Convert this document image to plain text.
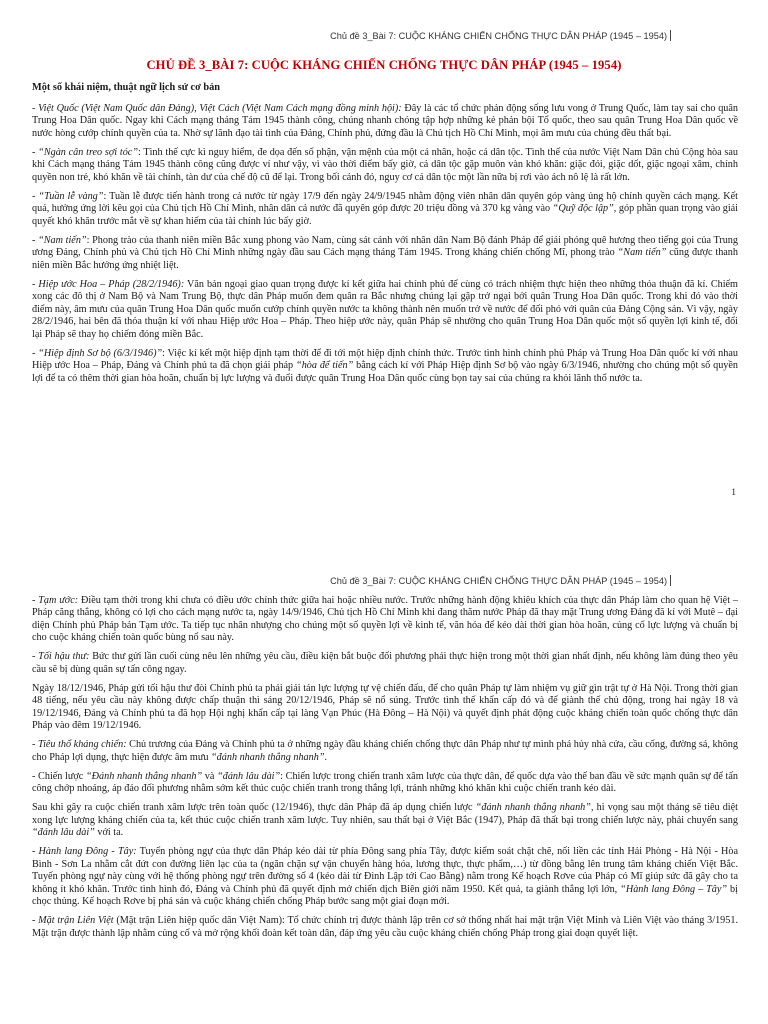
Chủ đề 3_Bài 7: CUỘC KHÁNG CHIẾN CHỐNG THỰC DÂN PHÁP (1945 – 1954)
CHỦ ĐỀ 3_BÀI 7: CUỘC KHÁNG CHIẾN CHỐNG THỰC DÂN PHÁP (1945 – 1954)
Một số khái niệm, thuật ngữ lịch sử cơ bản

- Việt Quốc (Việt Nam Quốc dân Đảng), Việt Cách (Việt Nam Cách mạng đồng minh hội): Đây là các tổ chức phản động sống lưu vong ở Trung Quốc, làm tay sai cho quân Trung Hoa Dân quốc. Ngay khi Cách mạng tháng Tám 1945 thành công, chúng nhanh chóng tập hợp những kẻ phản bội Tổ quốc, theo sau quân Trung Hoa Dân quốc về nước hòng cướp chính quyền của ta. Nhờ sự lãnh đạo tài tình của Đảng, Chính phủ, đứng đầu là Chủ tịch Hồ Chí Minh, mọi âm mưu của chúng đều thất bại.

- “Ngàn cân treo sợi tóc”: Tình thế cực kì nguy hiểm, đe dọa đến số phận, vận mệnh của một cá nhân, hoặc cả dân tộc. Tình thế của nước Việt Nam Dân chủ Cộng hòa sau khi Cách mạng tháng Tám 1945 thành công cũng được ví như vậy, vì vào thời điểm bấy giờ, cả dân tộc gặp muôn vàn khó khăn: giặc đói, giặc dốt, giặc ngoại xâm, chính quyền non trẻ, khó khăn về tài chính, tàn dư của chế độ cũ để lại. Trong bối cảnh đó, nguy cơ cả dân tộc một lần nữa bị rơi vào ách nô lệ là rất lớn.

- “Tuần lễ vàng”: Tuần lễ được tiến hành trong cả nước từ ngày 17/9 đến ngày 24/9/1945 nhằm động viên nhân dân quyên góp vàng ủng hộ chính quyền cách mạng. Kết quả, hưởng ứng lời kêu gọi của Chủ tịch Hồ Chí Minh, nhân dân cả nước đã quyên góp được 20 triệu đồng và 370 kg vàng vào “Quỹ độc lập”, góp phần quan trọng vào giải quyết khó khăn trước mắt về sự khan hiếm của tài chính lúc bấy giờ.

- “Nam tiến”: Phong trào của thanh niên miền Bắc xung phong vào Nam, cùng sát cánh với nhân dân Nam Bộ đánh Pháp để giải phóng quê hương theo tiếng gọi của Trung ương Đảng, Chính phủ và Chủ tịch Hồ Chí Minh những ngày đầu sau Cách mạng tháng Tám 1945. Trong kháng chiến chống Mĩ, phong trào “Nam tiến” cũng được thanh niên miền Bắc hưởng ứng nhiệt liệt.

- Hiệp ước Hoa – Pháp (28/2/1946): Văn bản ngoại giao quan trọng được kí kết giữa hai chính phủ để cùng có trách nhiệm thực hiện theo những thỏa thuận đã kí. Chiếm xong các đô thị ở Nam Bộ và Nam Trung Bộ, thực dân Pháp muốn đem quân ra Bắc nhưng chúng lại gặp trở ngại bởi quân Trung Hoa Dân quốc. Trong khi đó vào thời điểm này, âm mưu của quân Trung Hoa Dân quốc muốn cướp chính quyền nước ta không thành nên muốn trở về nước để đối phó với quân của Đảng Cộng sản. Vì vậy, ngày 28/2/1946, hai bên đã thỏa thuận kí với nhau Hiệp ước Hoa – Pháp. Theo hiệp ước này, quân Pháp sẽ nhường cho quân Trung Hoa Dân quốc một số quyền lợi kinh tế, đổi lại Pháp sẽ thay họ chiếm đóng miền Bắc.

- “Hiệp định Sơ bộ (6/3/1946)”: Việc kí kết một hiệp định tạm thời để đi tới một hiệp định chính thức. Trước tình hình chính phủ Pháp và Trung Hoa Dân quốc kí với nhau Hiệp ước Hoa – Pháp, Đảng và Chính phủ ta đã chọn giải pháp “hòa để tiến” bằng cách kí với Pháp Hiệp định Sơ bộ vào ngày 6/3/1946, nhường cho chúng một số quyền lợi để ta có thêm thời gian hòa hoãn, chuẩn bị lực lượng và đuổi được quân Trung Hoa Dân quốc cùng bọn tay sai của chúng ra khỏi lãnh thổ nước ta.

1
Chủ đề 3_Bài 7: CUỘC KHÁNG CHIẾN CHỐNG THỰC DÂN PHÁP (1945 – 1954)

- Tạm ước: Điều tạm thời trong khi chưa có điều ước chính thức giữa hai hoặc nhiều nước. Trước những hành động khiêu khích của thực dân Pháp làm cho quan hệ Việt – Pháp căng thẳng, không có lợi cho cách mạng nước ta, ngày 14/9/1946, Chủ tịch Hồ Chí Minh khi đang thăm nước Pháp đã thay mặt Trung ương Đảng đã kí với Mutê – đại diện Chính phủ Pháp bản Tạm ước. Ta tiếp tục nhân nhượng cho chúng một số quyền lợi về kinh tế, văn hóa để kéo dài thời gian hòa hoãn, củng cố lực lượng và chuẩn bị cho cuộc kháng chiến toàn quốc bùng nổ sau này.

- Tối hậu thư: Bức thư gửi lần cuối cùng nêu lên những yêu cầu, điều kiện bắt buộc đối phương phải thực hiện trong một thời gian nhất định, nếu không làm đúng theo yêu cầu sẽ bị dùng quân sự tấn công ngay.

Ngày 18/12/1946, Pháp gửi tối hậu thư đòi Chính phủ ta phải giải tán lực lượng tự vệ chiến đấu, để cho quân Pháp tự làm nhiệm vụ giữ gìn trật tự ở Hà Nội. Trong thời gian 48 tiếng, nếu yêu cầu này không được chấp thuận thì sáng 20/12/1946, Pháp sẽ nổ súng. Trước tình thế khẩn cấp đó và để giành thế chủ động, trong hai ngày 18 và 19/12/1946, Đảng và Chính phủ ta đã họp Hội nghị khẩn cấp tại làng Vạn Phúc (Hà Đông – Hà Nội) và quyết định phát động cuộc kháng chiến toàn quốc chống thực dân Pháp vào đêm 19/12/1946.

- Tiêu thổ kháng chiến: Chủ trương của Đảng và Chính phủ ta ở những ngày đầu kháng chiến chống thực dân Pháp như tự mình phá hủy nhà cửa, cầu cống, đường sá, không cho Pháp lợi dụng, thực hiện được âm mưu “đánh nhanh thắng nhanh”.

- Chiến lược “Đánh nhanh thắng nhanh” và “đánh lâu dài”: Chiến lược trong chiến tranh xâm lược của thực dân, để quốc dựa vào thế ban đầu về sức mạnh quân sự để tấn công chớp nhoáng, áp đảo đối phương nhằm sớm kết thúc cuộc chiến tranh trong thắng lợi, tránh những khó khăn khi cuộc chiến tranh kéo dài.

Sau khi gây ra cuộc chiến tranh xâm lược trên toàn quốc (12/1946), thực dân Pháp đã áp dụng chiến lược “đánh nhanh thắng nhanh”, hi vọng sau một tháng sẽ tiêu diệt xong lực lượng kháng chiến của ta, kết thúc cuộc chiến tranh xâm lược. Tuy nhiên, sau thất bại ở Việt Bắc (1947), Pháp đã thất bại trong chiến lược này, phải chuyển sang “đánh lâu dài” với ta.

- Hành lang Đông - Tây: Tuyến phòng ngự của thực dân Pháp kéo dài từ phía Đông sang phía Tây, được kiểm soát chặt chẽ, nối liền các tỉnh Hải Phòng - Hà Nội - Hòa Bình - Sơn La nhằm cắt đứt con đường liên lạc của ta (ngăn chặn sự vận chuyển hàng hóa, lương thực, thực phẩm,…) từ đồng bằng lên trung tâm kháng chiến Việt Bắc. Tuyến phòng ngự này cùng với hệ thống phòng ngự trên đường số 4 (kéo dài từ Đình Lập tới Cao Bằng) nằm trong Kế hoạch Rơve của Pháp có Mĩ giúp sức đã gây cho ta không ít khó khăn. Trước tình hình đó, Đảng và Chính phủ đã quyết định mở chiến dịch Biên giới năm 1950. Kết quả, ta giành thắng lợi lớn, “Hành lang Đông – Tây” bị chọc thủng. Kế hoạch Rơve bị phá sản và cuộc kháng chiến chống Pháp bước sang một giai đoạn mới.

- Mặt trận Liên Việt (Mặt trận Liên hiệp quốc dân Việt Nam): Tổ chức chính trị được thành lập trên cơ sở thống nhất hai mặt trận Việt Minh và Liên Việt vào tháng 3/1951. Mặt trận được thành lập nhằm củng cố và mở rộng khối đoàn kết toàn dân, đáp ứng yêu cầu cuộc kháng chiến chống Pháp trong giai đoạn quyết liệt.
